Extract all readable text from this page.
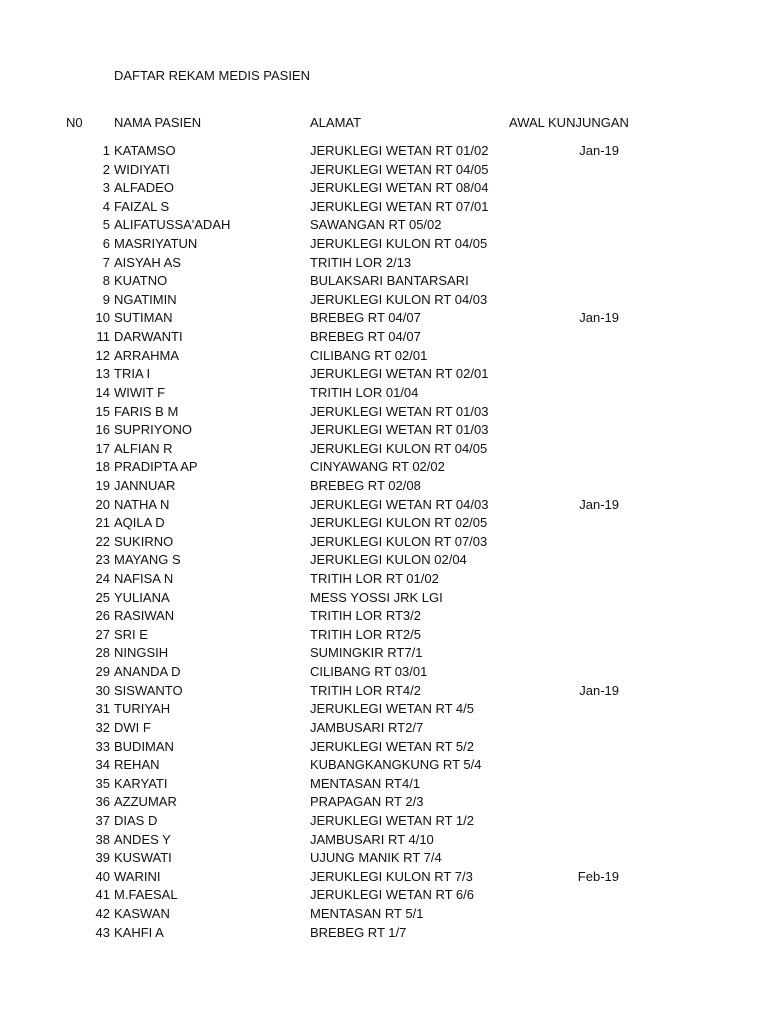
DAFTAR REKAM MEDIS PASIEN
N0 NAMA PASIEN	ALAMAT	AWAL KUNJUNGAN
1 KATAMSO	JERUKLEGI WETAN RT 01/02	Jan-19
2 WIDIYATI	JERUKLEGI WETAN RT 04/05
3 ALFADEO	JERUKLEGI WETAN RT 08/04
4 FAIZAL S	JERUKLEGI WETAN RT 07/01
5 ALIFATUSSA'ADAH	SAWANGAN RT 05/02
6 MASRIYATUN	JERUKLEGI KULON RT 04/05
7 AISYAH AS	TRITIH LOR 2/13
8 KUATNO	BULAKSARI BANTARSARI
9 NGATIMIN	JERUKLEGI KULON RT 04/03
10 SUTIMAN	BREBEG RT 04/07	Jan-19
11 DARWANTI	BREBEG RT 04/07
12 ARRAHMA	CILIBANG RT 02/01
13 TRIA I	JERUKLEGI WETAN RT 02/01
14 WIWIT F	TRITIH LOR 01/04
15 FARIS B M	JERUKLEGI WETAN RT 01/03
16 SUPRIYONO	JERUKLEGI WETAN RT 01/03
17 ALFIAN R	JERUKLEGI KULON RT 04/05
18 PRADIPTA AP	CINYAWANG RT 02/02
19 JANNUAR	BREBEG RT 02/08
20 NATHA N	JERUKLEGI WETAN RT 04/03	Jan-19
21 AQILA D	JERUKLEGI KULON RT 02/05
22 SUKIRNO	JERUKLEGI KULON RT 07/03
23 MAYANG S	JERUKLEGI KULON 02/04
24 NAFISA N	TRITIH LOR RT 01/02
25 YULIANA	MESS YOSSI JRK LGI
26 RASIWAN	TRITIH LOR RT3/2
27 SRI E	TRITIH LOR RT2/5
28 NINGSIH	SUMINGKIR RT7/1
29 ANANDA D	CILIBANG RT 03/01
30 SISWANTO	TRITIH LOR RT4/2	Jan-19
31 TURIYAH	JERUKLEGI WETAN RT 4/5
32 DWI F	JAMBUSARI RT2/7
33 BUDIMAN	JERUKLEGI WETAN RT 5/2
34 REHAN	KUBANGKANGKUNG RT 5/4
35 KARYATI	MENTASAN RT4/1
36 AZZUMAR	PRAPAGAN RT 2/3
37 DIAS D	JERUKLEGI WETAN RT 1/2
38 ANDES Y	JAMBUSARI RT 4/10
39 KUSWATI	UJUNG MANIK RT 7/4
40 WARINI	JERUKLEGI KULON RT 7/3	Feb-19
41 M.FAESAL	JERUKLEGI WETAN RT 6/6
42 KASWAN	MENTASAN RT 5/1
43 KAHFI A	BREBEG RT 1/7
